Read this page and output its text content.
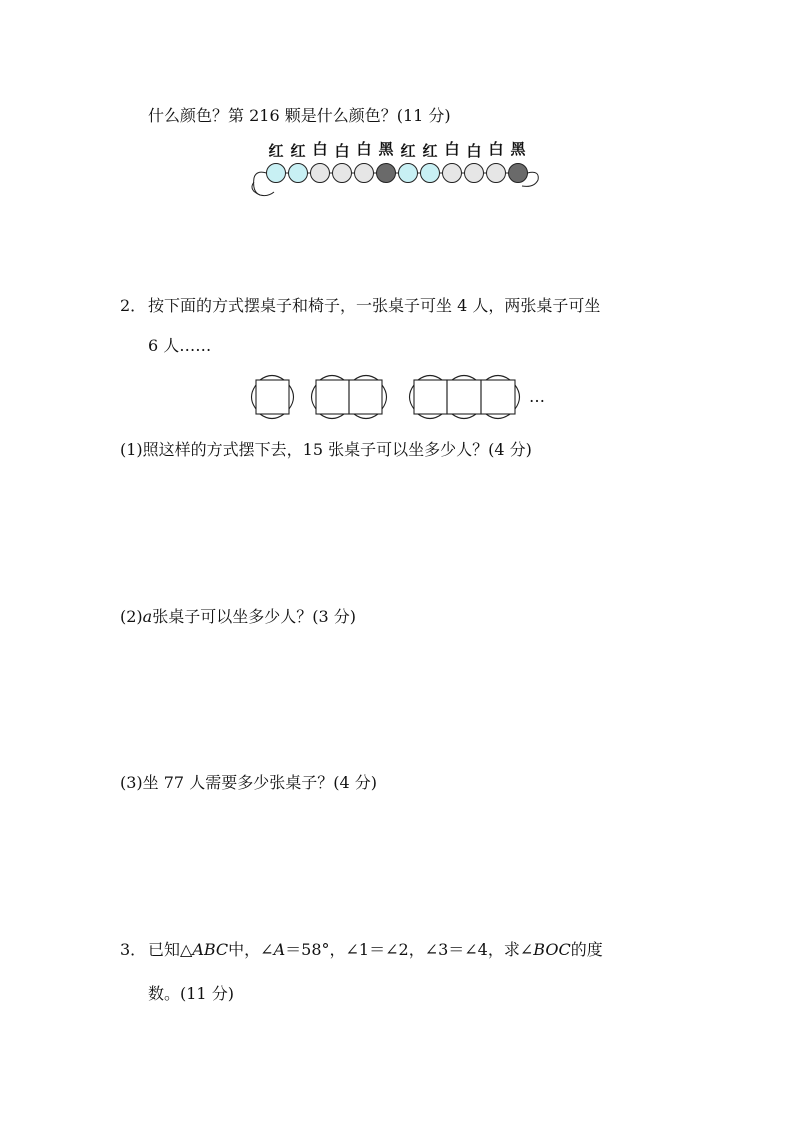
什么颜色？第 216 颗是什么颜色？(11 分)
红 红 白 白 白 黑 红 红 白 白 白 黑
2． 按下面的方式摆桌子和椅子，一张桌子可坐 4 人，两张桌子可坐
6 人……
…
(1)照这样的方式摆下去，15 张桌子可以坐多少人？(4 分)
(2)a张桌子可以坐多少人？(3 分)
(3)坐 77 人需要多少张桌子？(4 分)
3． 已知△ABC中，∠A＝58°，∠1＝∠2，∠3＝∠4，求∠BOC的度
数。(11 分)
